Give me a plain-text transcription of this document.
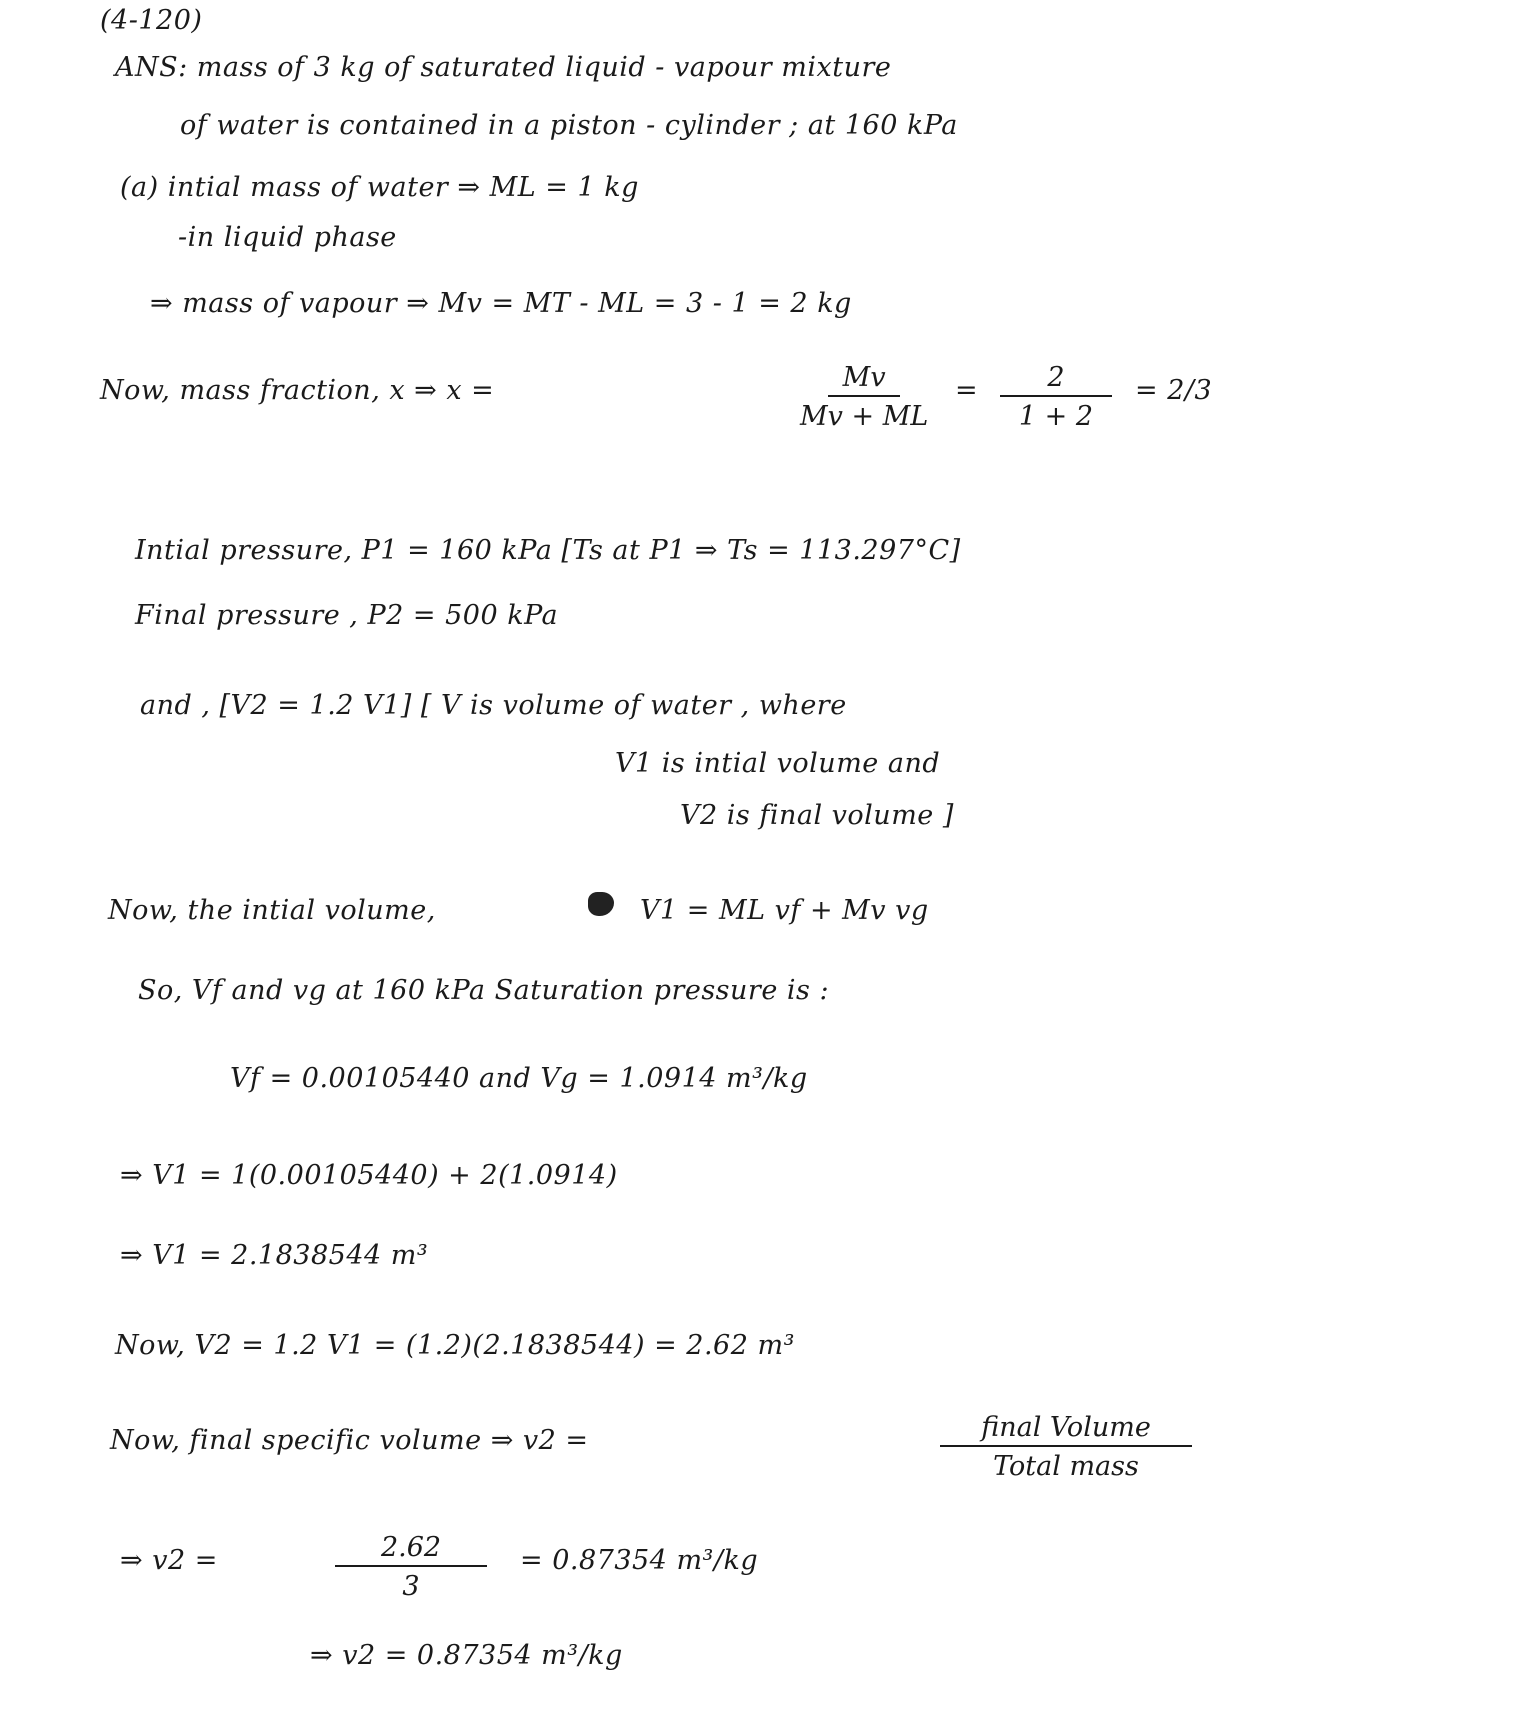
(4-120)
ANS: mass of 3 kg of saturated liquid - vapour mixture
of water is contained in a piston - cylinder ; at 160 kPa
(a) intial mass of water ⇒ ML = 1 kg
-in liquid phase
⇒ mass of vapour ⇒ Mv = MT - ML = 3 - 1 = 2 kg
Now, mass fraction, x ⇒ x =	$\frac{Mv}{Mv + ML} = \frac{2}{1 + 2} = 2/3$
Intial pressure, P1 = 160 kPa [Ts at P1 ⇒ Ts = 113.297°C]
Final pressure , P2 = 500 kPa
and , [V2 = 1.2 V1] [ V is volume of water , where
V1 is intial volume and
V2 is final volume ]
Now, the intial volume,	V1 = ML vf + Mv vg
So, Vf and vg at 160 kPa Saturation pressure is :
Vf = 0.00105440 and Vg = 1.0914 m³/kg
⇒ V1 = 1(0.00105440) + 2(1.0914)
⇒ V1 = 2.1838544 m³
Now, V2 = 1.2 V1 = (1.2)(2.1838544) = 2.62 m³
Now, final specific volume ⇒ v2 =	final Volume
Total mass
⇒ v2 =	$\frac{2.62}{3} = 0.87354$ m³/kg
⇒ v2 = 0.87354 m³/kg
